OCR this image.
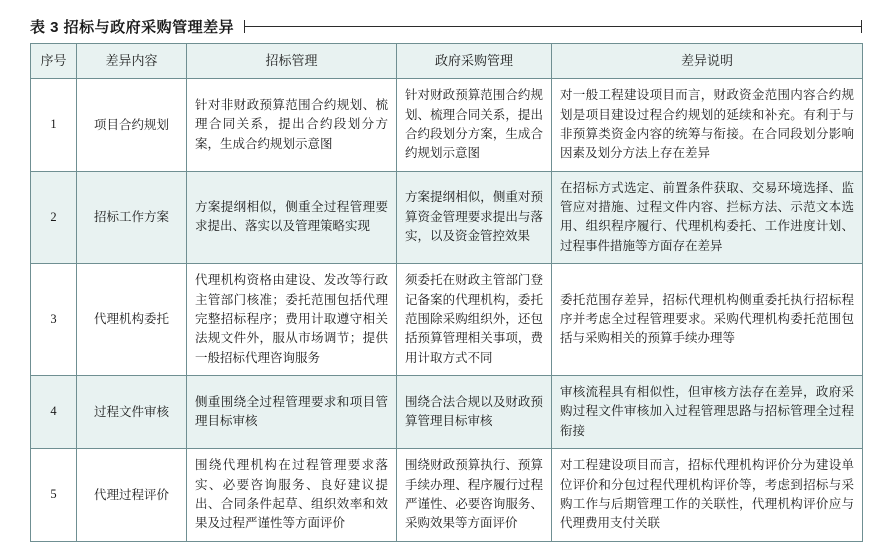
表 3 招标与政府采购管理差异
序号	差异内容	招标管理	政府采购管理	差异说明
1	项目合约规划	针对非财政预算范围合约规划、梳理合同关系，提出合约段划分方案，生成合约规划示意图	针对财政预算范围合约规划、梳理合同关系，提出合约段划分方案，生成合约规划示意图	对一般工程建设项目而言，财政资金范围内容合约规划是项目建设过程合约规划的延续和补充。有利于与非预算类资金内容的统筹与衔接。在合同段划分影响因素及划分方法上存在差异
2	招标工作方案	方案提纲相似，侧重全过程管理要求提出、落实以及管理策略实现	方案提纲相似，侧重对预算资金管理要求提出与落实，以及资金管控效果	在招标方式选定、前置条件获取、交易环境选择、监管应对措施、过程文件内容、拦标方法、示范文本选用、组织程序履行、代理机构委托、工作进度计划、过程事件措施等方面存在差异
3	代理机构委托	代理机构资格由建设、发改等行政主管部门核准；委托范围包括代理完整招标程序；费用计取遵守相关法规文件外，服从市场调节；提供一般招标代理咨询服务	须委托在财政主管部门登记备案的代理机构，委托范围除采购组织外，还包括预算管理相关事项，费用计取方式不同	委托范围存差异，招标代理机构侧重委托执行招标程序并考虑全过程管理要求。采购代理机构委托范围包括与采购相关的预算手续办理等
4	过程文件审核	侧重围绕全过程管理要求和项目管理目标审核	围绕合法合规以及财政预算管理目标审核	审核流程具有相似性，但审核方法存在差异，政府采购过程文件审核加入过程管理思路与招标管理全过程衔接
5	代理过程评价	围绕代理机构在过程管理要求落实、必要咨询服务、良好建议提出、合同条件起草、组织效率和效果及过程严谨性等方面评价	围绕财政预算执行、预算手续办理、程序履行过程严谨性、必要咨询服务、采购效果等方面评价	对工程建设项目而言，招标代理机构评价分为建设单位评价和分包过程代理机构评价等，考虑到招标与采购工作与后期管理工作的关联性，代理机构评价应与代理费用支付关联
